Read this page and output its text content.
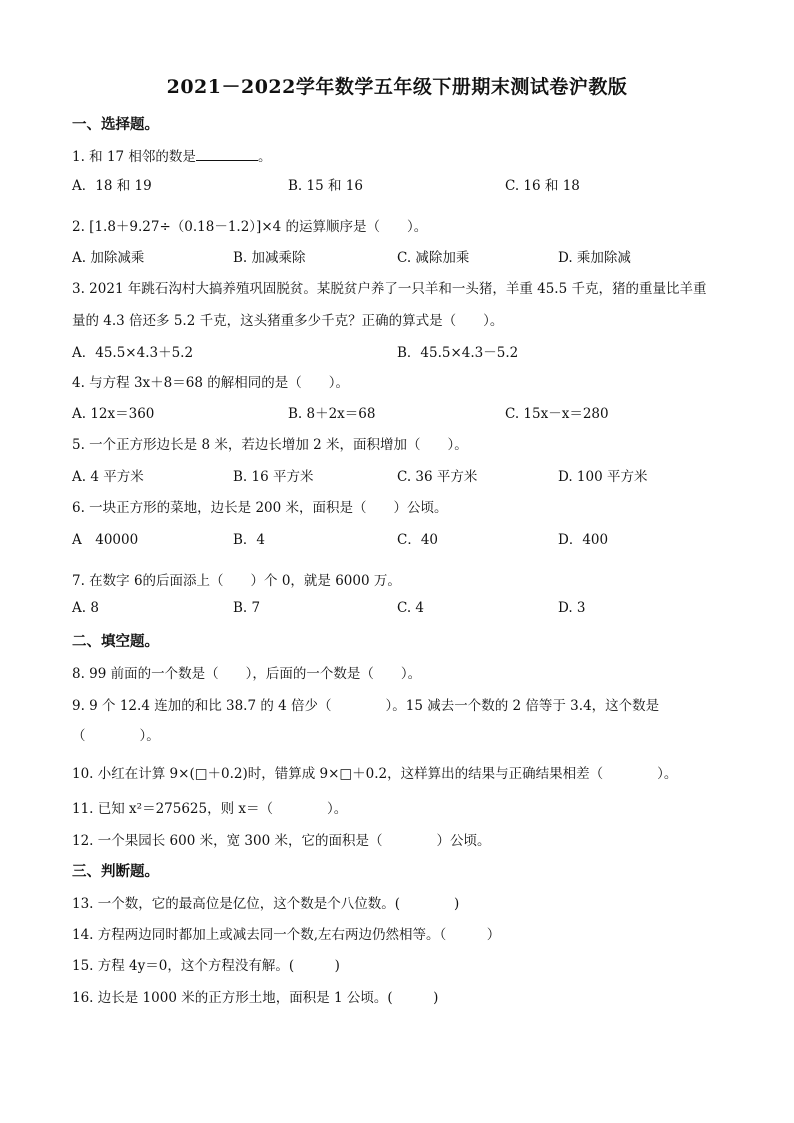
2021－2022学年数学五年级下册期末测试卷沪教版
一、选择题。
1. 和 17 相邻的数是	。
A．18 和 19	B. 15 和 16	C. 16 和 18
2. [1.8＋9.27÷（0.18－1.2）]×4 的运算顺序是（　　）。
A. 加除减乘	B. 加减乘除	C. 减除加乘	D. 乘加除减
3. 2021 年跳石沟村大搞养殖巩固脱贫。某脱贫户养了一只羊和一头猪，羊重 45.5 千克，猪的重量比羊重
量的 4.3 倍还多 5.2 千克，这头猪重多少千克？正确的算式是（　　）。
A．45.5×4.3＋5.2	B．45.5×4.3－5.2
4. 与方程 3x＋8＝68 的解相同的是（　　）。
A. 12x＝360	B. 8＋2x＝68	C. 15x－x＝280
5. 一个正方形边长是 8 米，若边长增加 2 米，面积增加（　　）。
A. 4 平方米	B. 16 平方米	C. 36 平方米	D. 100 平方米
6. 一块正方形的菜地，边长是 200 米，面积是（　　）公顷。
A　40000	B．4	C．40	D．400
7. 在数字 6的后面添上（　　）个 0，就是 6000 万。
A. 8	B. 7	C. 4	D. 3
二、填空题。
8. 99 前面的一个数是（　　），后面的一个数是（　　）。
9. 9 个 12.4 连加的和比 38.7 的 4 倍少（　　　　）。15 减去一个数的 2 倍等于 3.4，这个数是
（　　　　）。
10. 小红在计算 9×(□＋0.2)时，错算成 9×□＋0.2，这样算出的结果与正确结果相差（　　　　）。
11. 已知 x²＝275625，则 x＝（　　　　）。
12. 一个果园长 600 米，宽 300 米，它的面积是（　　　　）公顷。
三、判断题。
13. 一个数，它的最高位是亿位，这个数是个八位数。(　　　　)
14. 方程两边同时都加上或减去同一个数,左右两边仍然相等。（　　　）
15. 方程 4y＝0，这个方程没有解。(　　　)
16. 边长是 1000 米的正方形土地，面积是 1 公顷。(　　　)
